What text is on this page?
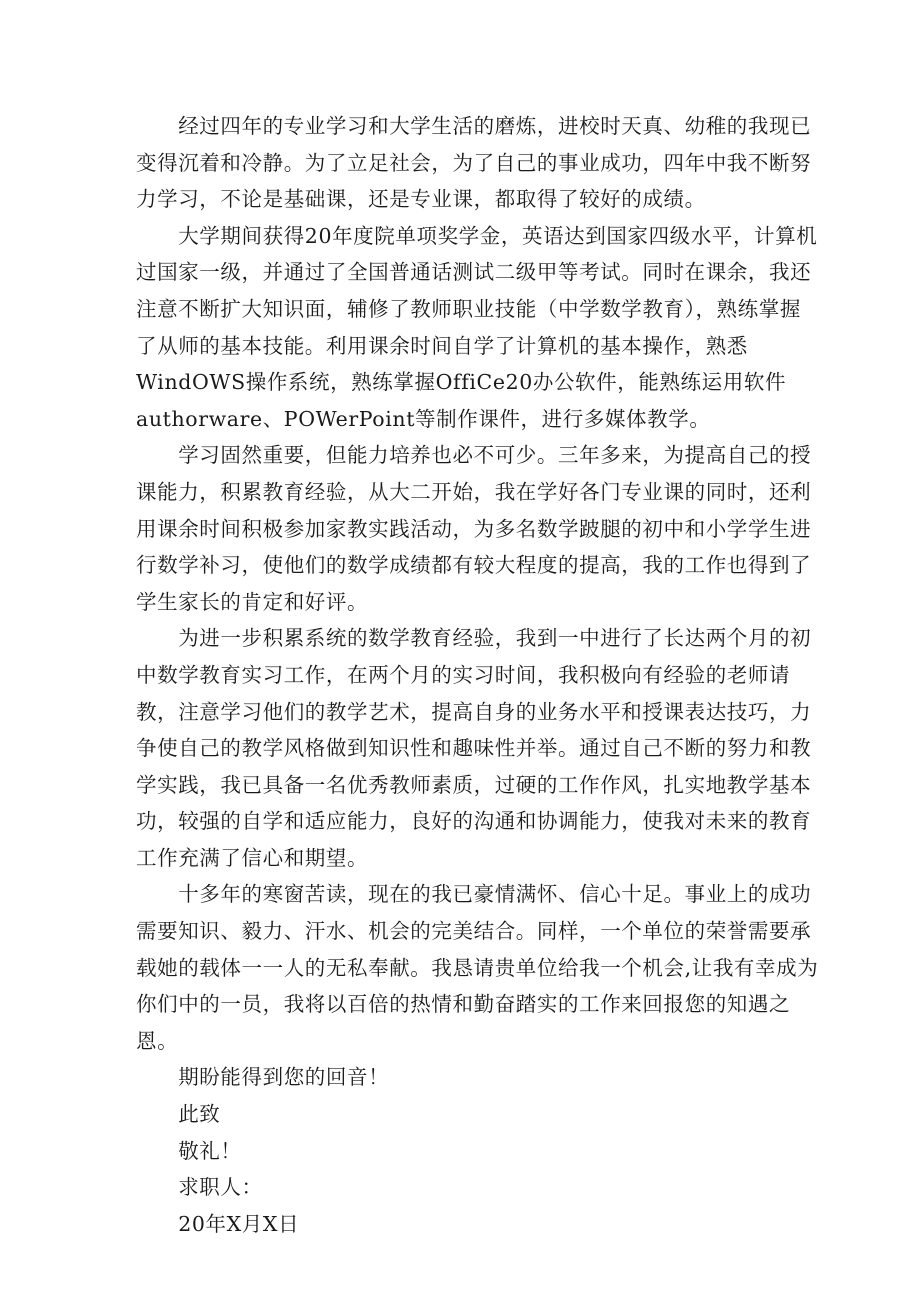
　　经过四年的专业学习和大学生活的磨炼，进校时天真、幼稚的我现已
变得沉着和冷静。为了立足社会，为了自己的事业成功，四年中我不断努
力学习，不论是基础课，还是专业课，都取得了较好的成绩。
　　大学期间获得20年度院单项奖学金，英语达到国家四级水平，计算机
过国家一级，并通过了全国普通话测试二级甲等考试。同时在课余，我还
注意不断扩大知识面，辅修了教师职业技能（中学数学教育），熟练掌握
了从师的基本技能。利用课余时间自学了计算机的基本操作，熟悉
WindOWS操作系统，熟练掌握OffiCe20办公软件，能熟练运用软件
authorware、POWerPoint等制作课件，进行多媒体教学。
　　学习固然重要，但能力培养也必不可少。三年多来，为提高自己的授
课能力，积累教育经验，从大二开始，我在学好各门专业课的同时，还利
用课余时间积极参加家教实践活动，为多名数学跛腿的初中和小学学生进
行数学补习，使他们的数学成绩都有较大程度的提高，我的工作也得到了
学生家长的肯定和好评。
　　为进一步积累系统的数学教育经验，我到一中进行了长达两个月的初
中数学教育实习工作，在两个月的实习时间，我积极向有经验的老师请
教，注意学习他们的教学艺术，提高自身的业务水平和授课表达技巧，力
争使自己的教学风格做到知识性和趣味性并举。通过自己不断的努力和教
学实践，我已具备一名优秀教师素质，过硬的工作作风，扎实地教学基本
功，较强的自学和适应能力，良好的沟通和协调能力，使我对未来的教育
工作充满了信心和期望。
　　十多年的寒窗苦读，现在的我已豪情满怀、信心十足。事业上的成功
需要知识、毅力、汗水、机会的完美结合。同样，一个单位的荣誉需要承
载她的载体一一人的无私奉献。我恳请贵单位给我一个机会,让我有幸成为
你们中的一员，我将以百倍的热情和勤奋踏实的工作来回报您的知遇之
恩。
　　期盼能得到您的回音！
　　此致
　　敬礼！
　　求职人：
　　20年X月X日
